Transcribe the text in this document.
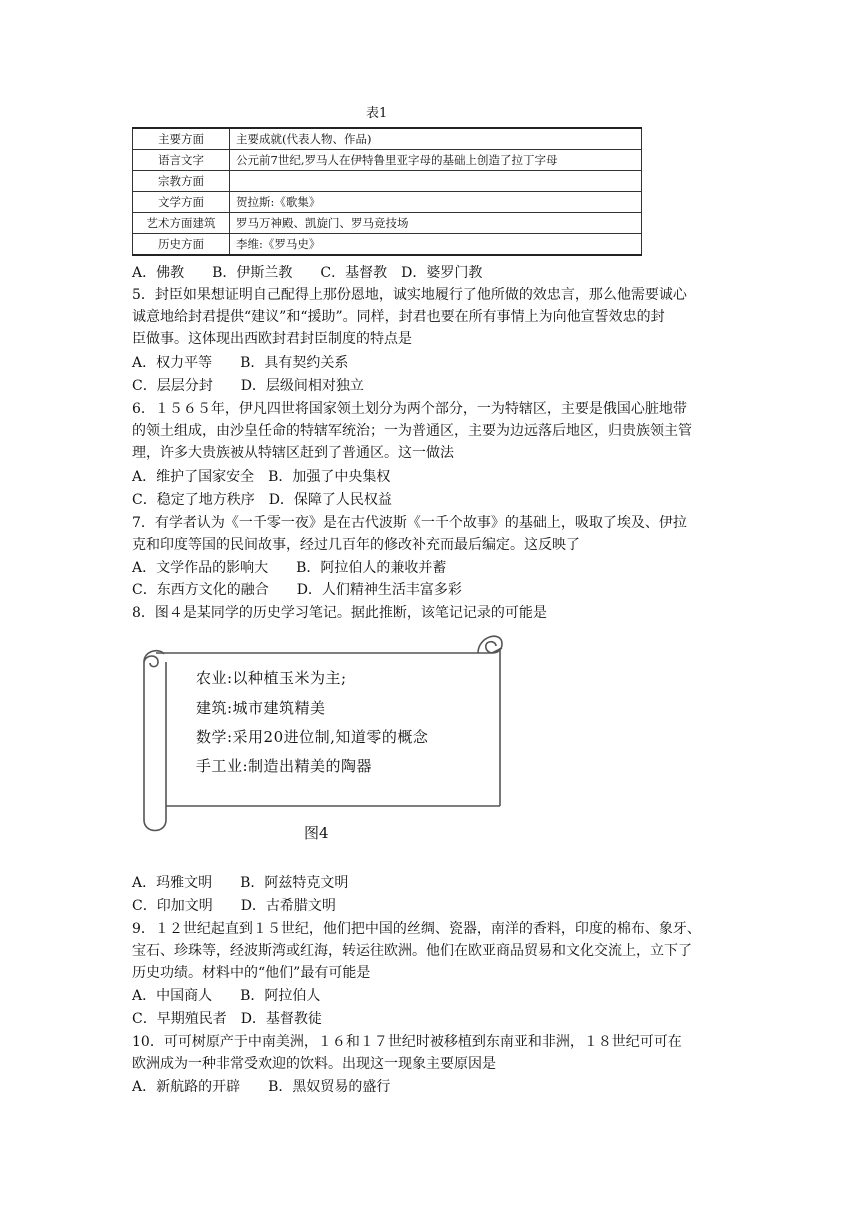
表1
主要方面	主要成就(代表人物、作品)
语言文字	公元前7世纪,罗马人在伊特鲁里亚字母的基础上创造了拉丁字母
宗教方面	
文学方面	贺拉斯:《歌集》
艺术方面建筑	罗马万神殿、凯旋门、罗马竞技场
历史方面	李维:《罗马史》

A．佛教　　B．伊斯兰教　　C．基督教　D．婆罗门教

5．封臣如果想证明自己配得上那份恩地，诚实地履行了他所做的效忠言，那么他需要诚心

诚意地给封君提供“建议”和“援助”。同样，封君也要在所有事情上为向他宣誓效忠的封

臣做事。这体现出西欧封君封臣制度的特点是

A．权力平等　　B．具有契约关系

C．层层分封　　D．层级间相对独立

6．１５６５年，伊凡四世将国家领土划分为两个部分，一为特辖区，主要是俄国心脏地带

的领土组成，由沙皇任命的特辖军统治；一为普通区，主要为边远落后地区，归贵族领主管

理，许多大贵族被从特辖区赶到了普通区。这一做法

A．维护了国家安全　B．加强了中央集权

C．稳定了地方秩序　D．保障了人民权益

7．有学者认为《一千零一夜》是在古代波斯《一千个故事》的基础上，吸取了埃及、伊拉

克和印度等国的民间故事，经过几百年的修改补充而最后编定。这反映了

A．文学作品的影响大　　B．阿拉伯人的兼收并蓄

C．东西方文化的融合　　D．人们精神生活丰富多彩

8．图４是某同学的历史学习笔记。据此推断，该笔记记录的可能是

农业:以种植玉米为主;
建筑:城市建筑精美
数学:采用20进位制,知道零的概念
手工业:制造出精美的陶器
图4

A．玛雅文明　　B．阿兹特克文明

C．印加文明　　D．古希腊文明

9．１２世纪起直到１５世纪，他们把中国的丝绸、瓷器，南洋的香料，印度的棉布、象牙、

宝石、珍珠等，经波斯湾或红海，转运往欧洲。他们在欧亚商品贸易和文化交流上，立下了

历史功绩。材料中的“他们”最有可能是

A．中国商人　　B．阿拉伯人

C．早期殖民者　D．基督教徒

10．可可树原产于中南美洲，１６和１７世纪时被移植到东南亚和非洲，１８世纪可可在

欧洲成为一种非常受欢迎的饮料。出现这一现象主要原因是

A．新航路的开辟　　B．黑奴贸易的盛行
